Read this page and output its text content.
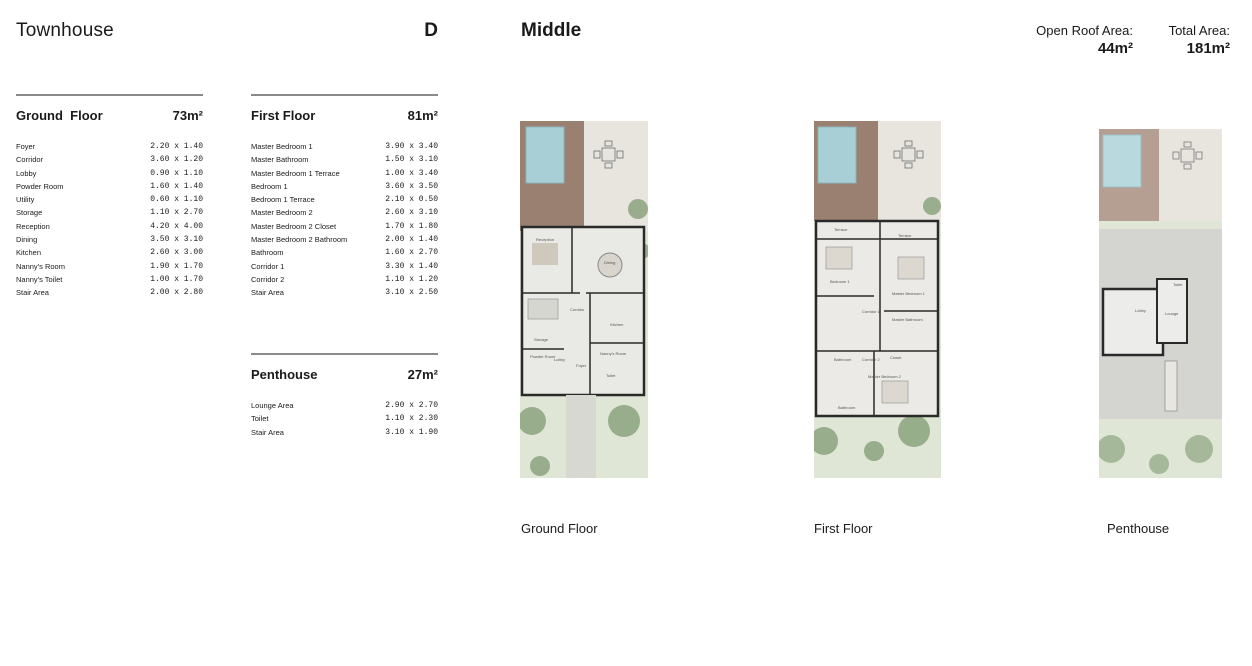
Townhouse	D	Middle	Open Roof Area:
44m²
Total Area:
181m²
Ground  Floor	73m²
Foyer	2.20 x 1.40
Corridor	3.60 x 1.20
Lobby	0.90 x 1.10
Powder Room	1.60 x 1.40
Utility	0.60 x 1.10
Storage	1.10 x 2.70
Reception	4.20 x 4.00
Dining	3.50 x 3.10
Kitchen	2.60 x 3.00
Nanny's Room	1.90 x 1.70
Nanny's Toilet	1.00 x 1.70
Stair Area	2.00 x 2.80
First Floor	81m²
Master Bedroom 1	3.90 x 3.40
Master Bathroom	1.50 x 3.10
Master Bedroom 1 Terrace	1.00 x 3.40
Bedroom 1	3.60 x 3.50
Bedroom 1 Terrace	2.10 x 0.50
Master Bedroom 2	2.60 x 3.10
Master Bedroom 2 Closet	1.70 x 1.80
Master Bedroom 2 Bathroom	2.00 x 1.40
Bathroom	1.60 x 2.70
Corridor 1	3.30 x 1.40
Corridor 2	1.10 x 1.20
Stair Area	3.10 x 2.50
Penthouse	27m²
Lounge Area	2.90 x 2.70
Toilet	1.10 x 2.30
Stair Area	3.10 x 1.90
Reception
Dining
Corridor
Kitchen
Storage
Powder Room
Lobby
Foyer
Nanny's Room
Toilet
Terrace
Terrace
Bedroom 1
Master Bedroom 1
Corridor 1
Master Bathroom
Bathroom	Corridor 2	Closet
Master Bedroom 2
Bathroom
Toilet
Lobby
Lounge
Ground Floor	First Floor	Penthouse
